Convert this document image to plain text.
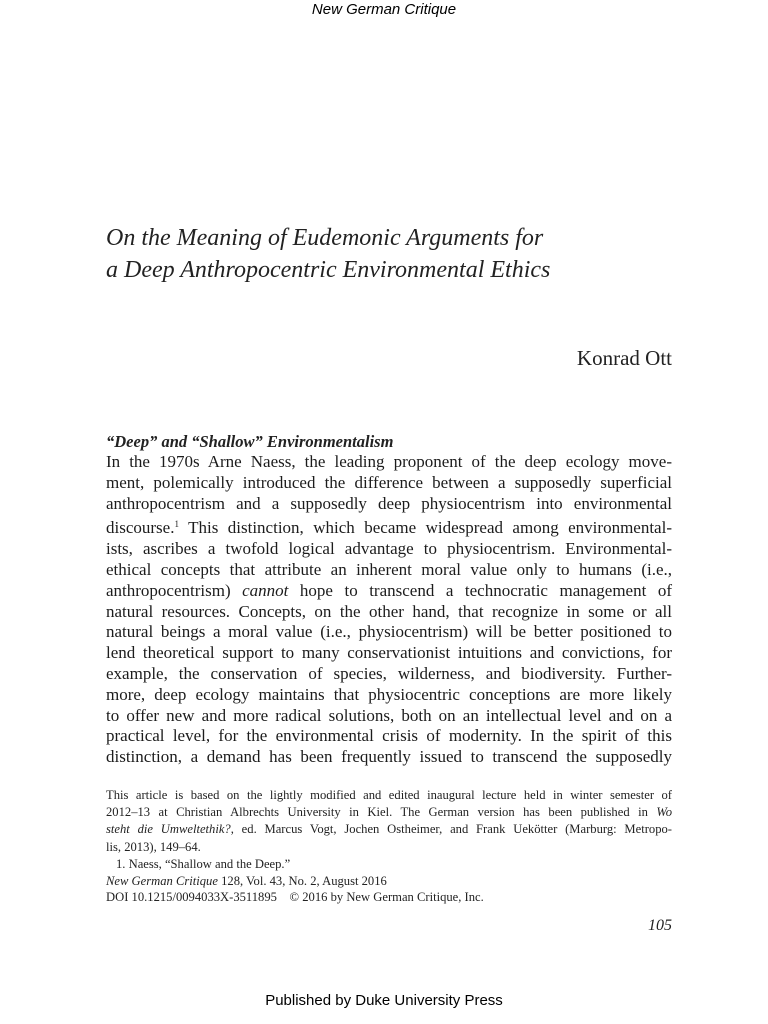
New German Critique
On the Meaning of Eudemonic Arguments for
a Deep Anthropocentric Environmental Ethics
Konrad Ott
“Deep” and “Shallow” Environmentalism
In the 1970s Arne Naess, the leading proponent of the deep ecology move-
ment, polemically introduced the difference between a supposedly superficial
anthropocentrism and a supposedly deep physiocentrism into environmental
discourse.$^1$ This distinction, which became widespread among environmental-
ists, ascribes a twofold logical advantage to physiocentrism. Environmental-
ethical concepts that attribute an inherent moral value only to humans (i.e.,
anthropocentrism) cannot hope to transcend a technocratic management of
natural resources. Concepts, on the other hand, that recognize in some or all
natural beings a moral value (i.e., physiocentrism) will be better positioned to
lend theoretical support to many conservationist intuitions and convictions, for
example, the conservation of species, wilderness, and biodiversity. Further-
more, deep ecology maintains that physiocentric conceptions are more likely
to offer new and more radical solutions, both on an intellectual level and on a
practical level, for the environmental crisis of modernity. In the spirit of this
distinction, a demand has been frequently issued to transcend the supposedly
This article is based on the lightly modified and edited inaugural lecture held in winter semester of
2012–13 at Christian Albrechts University in Kiel. The German version has been published in Wo
steht die Umweltethik?, ed. Marcus Vogt, Jochen Ostheimer, and Frank Uekötter (Marburg: Metropo-
lis, 2013), 149–64.
1. Naess, “Shallow and the Deep.”
New German Critique 128, Vol. 43, No. 2, August 2016
DOI 10.1215/0094033X-3511895 © 2016 by New German Critique, Inc.
105
Published by Duke University Press
